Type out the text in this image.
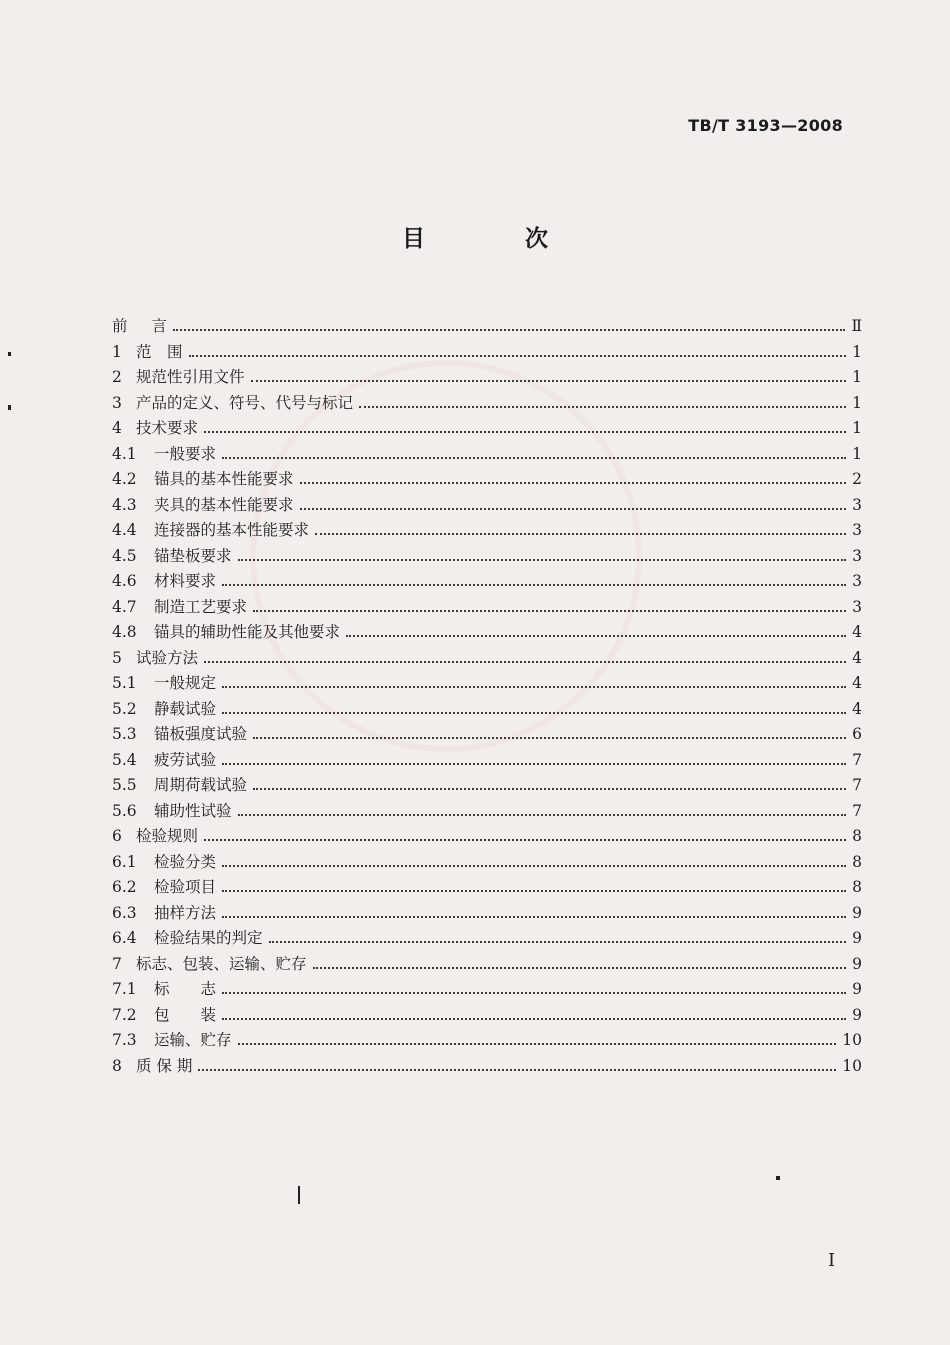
TB/T 3193—2008
目 次
前　言	Ⅱ
1 范　围	1
2 规范性引用文件	1
3 产品的定义、符号、代号与标记	1
4 技术要求	1
4.1 一般要求	1
4.2 锚具的基本性能要求	2
4.3 夹具的基本性能要求	3
4.4 连接器的基本性能要求	3
4.5 锚垫板要求	3
4.6 材料要求	3
4.7 制造工艺要求	3
4.8 锚具的辅助性能及其他要求	4
5 试验方法	4
5.1 一般规定	4
5.2 静载试验	4
5.3 锚板强度试验	6
5.4 疲劳试验	7
5.5 周期荷载试验	7
5.6 辅助性试验	7
6 检验规则	8
6.1 检验分类	8
6.2 检验项目	8
6.3 抽样方法	9
6.4 检验结果的判定	9
7 标志、包装、运输、贮存	9
7.1 标　　志	9
7.2 包　　装	9
7.3 运输、贮存	10
8 质 保 期	10
I
